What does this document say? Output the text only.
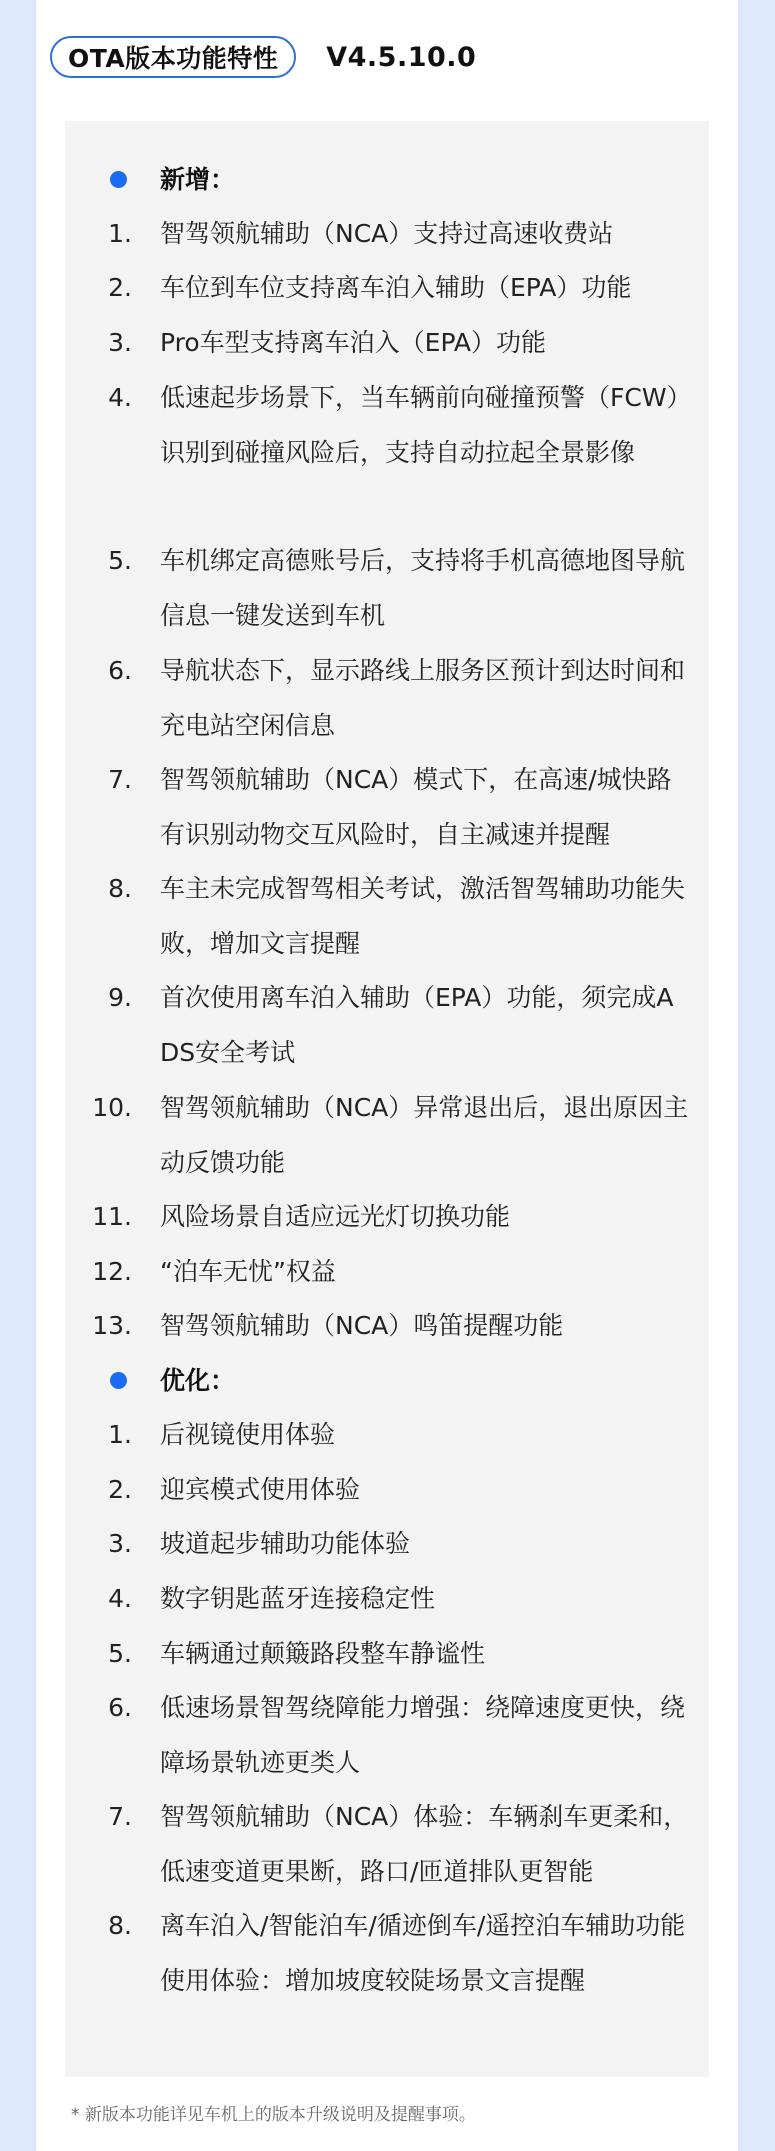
OTA版本功能特性	V4.5.10.0
新增：
1. 智驾领航辅助（NCA）支持过高速收费站
2. 车位到车位支持离车泊入辅助（EPA）功能
3. Pro车型支持离车泊入（EPA）功能
4. 低速起步场景下，当车辆前向碰撞预警（FCW）识别到碰撞风险后，支持自动拉起全景影像
5. 车机绑定高德账号后，支持将手机高德地图导航信息一键发送到车机
6. 导航状态下，显示路线上服务区预计到达时间和充电站空闲信息
7. 智驾领航辅助（NCA）模式下，在高速/城快路有识别动物交互风险时，自主减速并提醒
8. 车主未完成智驾相关考试，激活智驾辅助功能失败，增加文言提醒
9. 首次使用离车泊入辅助（EPA）功能，须完成ADS安全考试
10. 智驾领航辅助（NCA）异常退出后，退出原因主动反馈功能
11. 风险场景自适应远光灯切换功能
12. “泊车无忧”权益
13. 智驾领航辅助（NCA）鸣笛提醒功能
优化：
1. 后视镜使用体验
2. 迎宾模式使用体验
3. 坡道起步辅助功能体验
4. 数字钥匙蓝牙连接稳定性
5. 车辆通过颠簸路段整车静谧性
6. 低速场景智驾绕障能力增强：绕障速度更快，绕障场景轨迹更类人
7. 智驾领航辅助（NCA）体验：车辆刹车更柔和，低速变道更果断，路口/匝道排队更智能
8. 离车泊入/智能泊车/循迹倒车/遥控泊车辅助功能使用体验：增加坡度较陡场景文言提醒
* 新版本功能详见车机上的版本升级说明及提醒事项。
